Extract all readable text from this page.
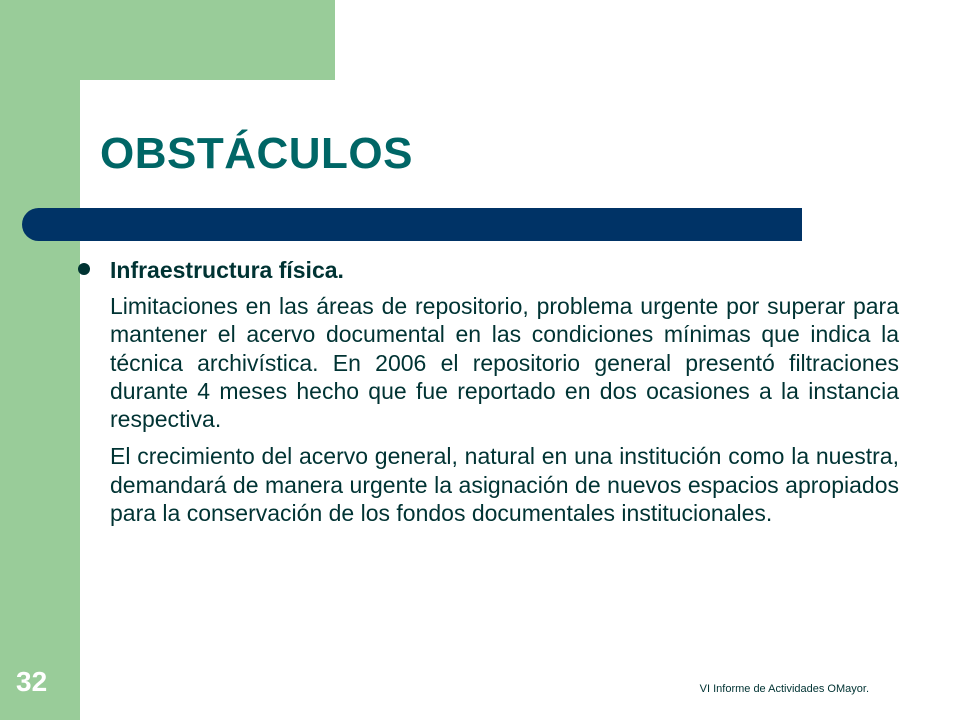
OBSTÁCULOS

Infraestructura física.

Limitaciones en las áreas de repositorio, problema urgente por superar para mantener el acervo documental en las condiciones mínimas que indica la técnica archivística. En 2006 el repositorio general presentó filtraciones durante 4 meses hecho que fue reportado en dos ocasiones a la instancia respectiva.

El crecimiento del acervo general, natural en una institución como la nuestra, demandará de manera urgente la asignación de nuevos espacios apropiados para la conservación de los fondos documentales institucionales.

32	VI Informe de Actividades OMayor.
